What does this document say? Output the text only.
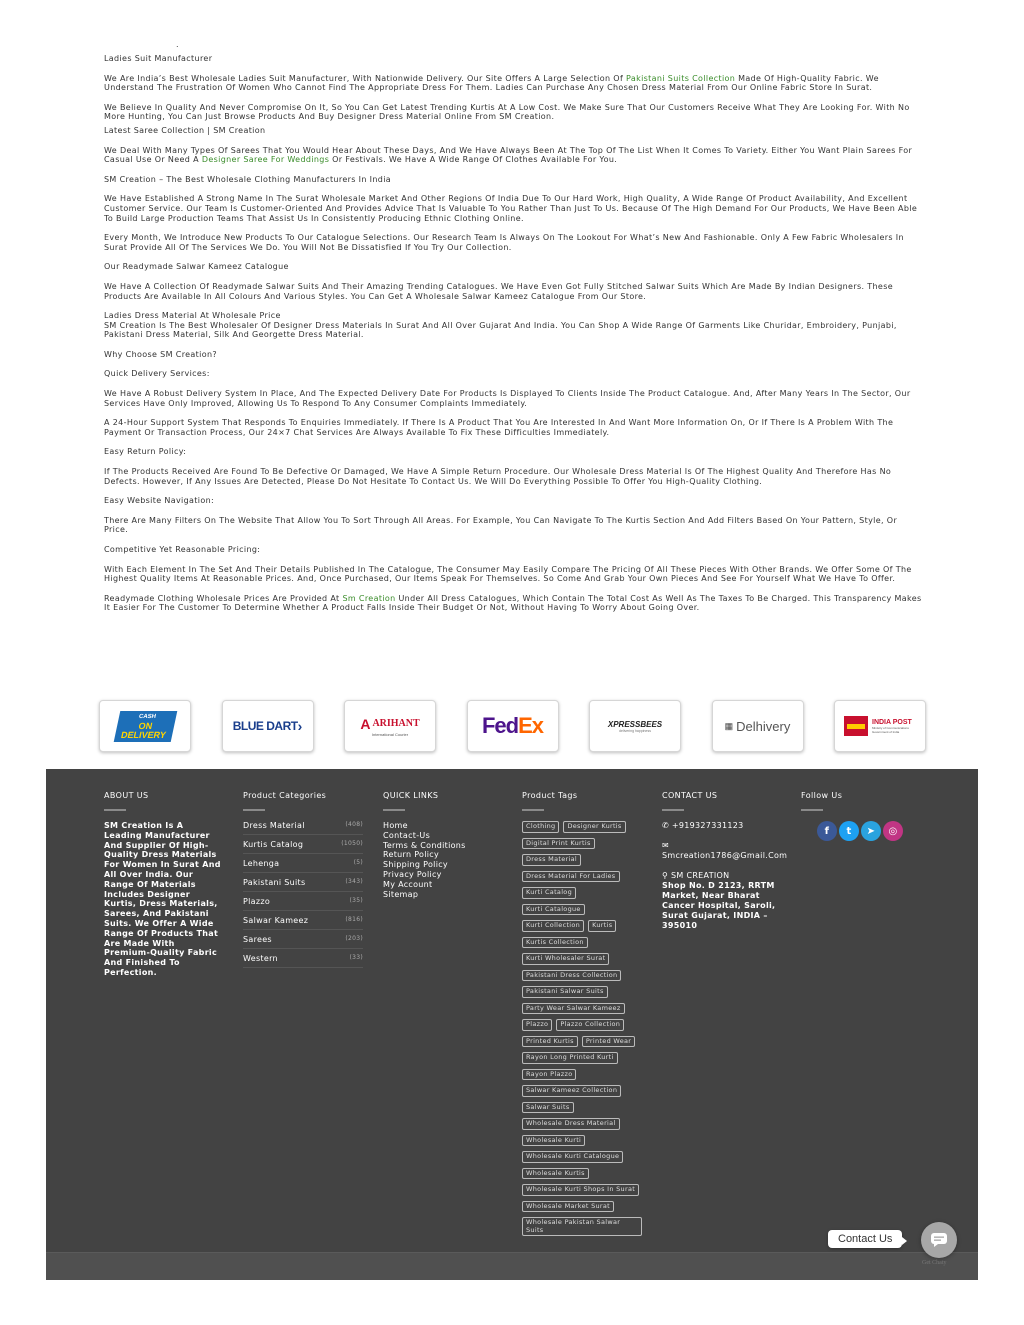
.

Ladies Suit Manufacturer

We Are India’s Best Wholesale Ladies Suit Manufacturer, With Nationwide Delivery. Our Site Offers A Large Selection Of Pakistani Suits Collection Made Of High-Quality Fabric. We Understand The Frustration Of Women Who Cannot Find The Appropriate Dress For Them. Ladies Can Purchase Any Chosen Dress Material From Our Online Fabric Store In Surat.

We Believe In Quality And Never Compromise On It, So You Can Get Latest Trending Kurtis At A Low Cost. We Make Sure That Our Customers Receive What They Are Looking For. With No More Hunting, You Can Just Browse Products And Buy Designer Dress Material Online From SM Creation.

Latest Saree Collection | SM Creation

We Deal With Many Types Of Sarees That You Would Hear About These Days, And We Have Always Been At The Top Of The List When It Comes To Variety. Either You Want Plain Sarees For Casual Use Or Need A Designer Saree For Weddings Or Festivals. We Have A Wide Range Of Clothes Available For You.

SM Creation – The Best Wholesale Clothing Manufacturers In India

We Have Established A Strong Name In The Surat Wholesale Market And Other Regions Of India Due To Our Hard Work, High Quality, A Wide Range Of Product Availability, And Excellent Customer Service. Our Team Is Customer-Oriented And Provides Advice That Is Valuable To You Rather Than Just To Us. Because Of The High Demand For Our Products, We Have Been Able To Build Large Production Teams That Assist Us In Consistently Producing Ethnic Clothing Online.

Every Month, We Introduce New Products To Our Catalogue Selections. Our Research Team Is Always On The Lookout For What’s New And Fashionable. Only A Few Fabric Wholesalers In Surat Provide All Of The Services We Do. You Will Not Be Dissatisfied If You Try Our Collection.

Our Readymade Salwar Kameez Catalogue

We Have A Collection Of Readymade Salwar Suits And Their Amazing Trending Catalogues. We Have Even Got Fully Stitched Salwar Suits Which Are Made By Indian Designers. These Products Are Available In All Colours And Various Styles. You Can Get A Wholesale Salwar Kameez Catalogue From Our Store.

Ladies Dress Material At Wholesale Price

SM Creation Is The Best Wholesaler Of Designer Dress Materials In Surat And All Over Gujarat And India. You Can Shop A Wide Range Of Garments Like Churidar, Embroidery, Punjabi, Pakistani Dress Material, Silk And Georgette Dress Material.

Why Choose SM Creation?

Quick Delivery Services:

We Have A Robust Delivery System In Place, And The Expected Delivery Date For Products Is Displayed To Clients Inside The Product Catalogue. And, After Many Years In The Sector, Our Services Have Only Improved, Allowing Us To Respond To Any Consumer Complaints Immediately.

A 24-Hour Support System That Responds To Enquiries Immediately. If There Is A Product That You Are Interested In And Want More Information On, Or If There Is A Problem With The Payment Or Transaction Process, Our 24×7 Chat Services Are Always Available To Fix These Difficulties Immediately.

Easy Return Policy:

If The Products Received Are Found To Be Defective Or Damaged, We Have A Simple Return Procedure. Our Wholesale Dress Material Is Of The Highest Quality And Therefore Has No Defects. However, If Any Issues Are Detected, Please Do Not Hesitate To Contact Us. We Will Do Everything Possible To Offer You High-Quality Clothing.

Easy Website Navigation:

There Are Many Filters On The Website That Allow You To Sort Through All Areas. For Example, You Can Navigate To The Kurtis Section And Add Filters Based On Your Pattern, Style, Or Price.

Competitive Yet Reasonable Pricing:

With Each Element In The Set And Their Details Published In The Catalogue, The Consumer May Easily Compare The Pricing Of All These Pieces With Other Brands. We Offer Some Of The Highest Quality Items At Reasonable Prices. And, Once Purchased, Our Items Speak For Themselves. So Come And Grab Your Own Pieces And See For Yourself What We Have To Offer.

Readymade Clothing Wholesale Prices Are Provided At Sm Creation Under All Dress Catalogues, Which Contain The Total Cost As Well As The Taxes To Be Charged. This Transparency Makes It Easier For The Customer To Determine Whether A Product Falls Inside Their Budget Or Not, Without Having To Worry About Going Over.

CASH
ON
DELIVERY
BLUE DART ›	A ARIHANT
International Courier	Fed Ex	XPRESSBEES
delivering happiness	▦ Delhivery	INDIA POST
Ministry of Communications Government of India
ABOUT US
SM Creation Is A Leading Manufacturer And Supplier Of High-Quality Dress Materials For Women In Surat And All Over India. Our Range Of Materials Includes Designer Kurtis, Dress Materials, Sarees, And Pakistani Suits. We Offer A Wide Range Of Products That Are Made With Premium-Quality Fabric And Finished To Perfection.
Product Categories
Dress Material	(408)
Kurtis Catalog	(1050)
Lehenga	(5)
Pakistani Suits	(343)
Plazzo	(35)
Salwar Kameez	(816)
Sarees	(203)
Western	(33)
QUICK LINKS
Home
Contact-Us
Terms & Conditions
Return Policy
Shipping Policy
Privacy Policy
My Account
Sitemap
Product Tags
Clothing	Designer Kurtis
Digital Print Kurtis
Dress Material
Dress Material For Ladies
Kurti Catalog
Kurti Catalogue
Kurti Collection	Kurtis
Kurtis Collection
Kurti Wholesaler Surat
Pakistani Dress Collection
Pakistani Salwar Suits
Party Wear Salwar Kameez
Plazzo	Plazzo Collection
Printed Kurtis	Printed Wear
Rayon Long Printed Kurti
Rayon Plazzo
Salwar Kameez Collection
Salwar Suits
Wholesale Dress Material
Wholesale Kurti
Wholesale Kurti Catalogue
Wholesale Kurtis
Wholesale Kurti Shops In Surat
Wholesale Market Surat
Wholesale Pakistan Salwar Suits
CONTACT US
✆ +919327331123
✉
Smcreation1786@Gmail.Com
⚲ SM CREATION
Shop No. D 2123, RRTM Market, Near Bharat Cancer Hospital, Saroli, Surat Gujarat, INDIA – 395010
Follow Us
f	t	➤	◎
Contact Us
Get Chaty
